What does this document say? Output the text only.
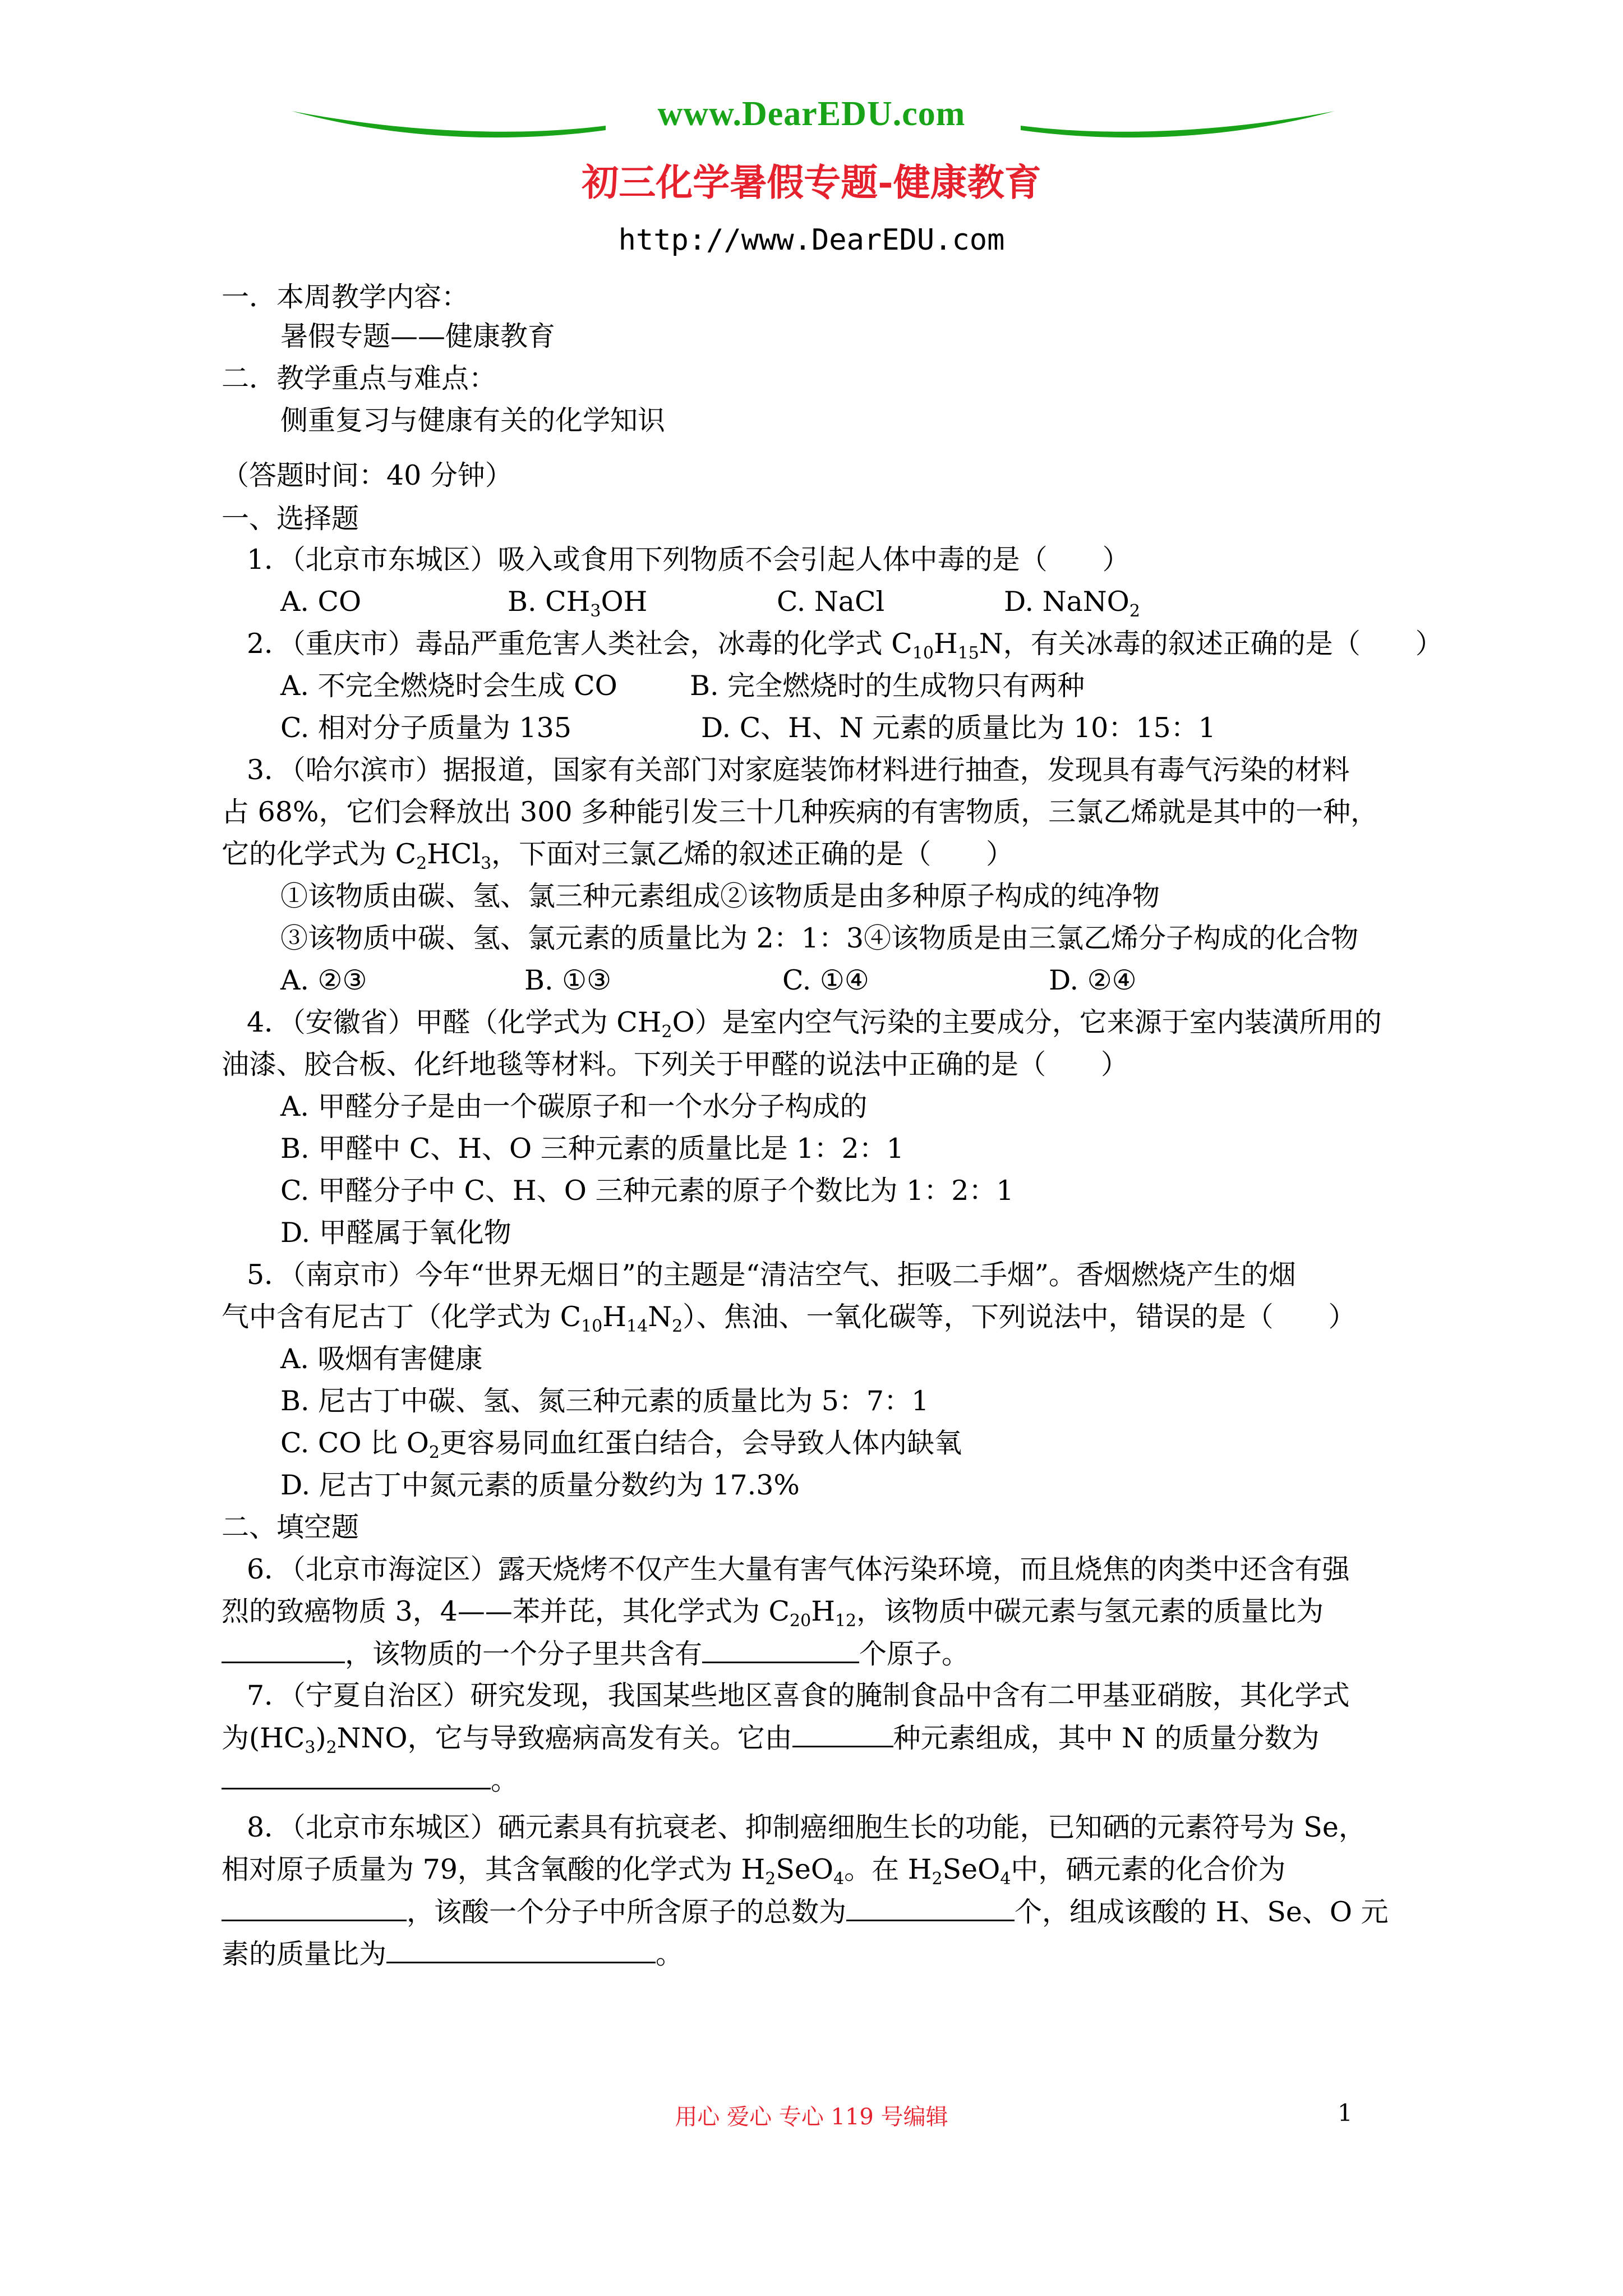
www.DearEDU.com
初三化学暑假专题-健康教育
http://www.DearEDU.com
一．本周教学内容：
暑假专题——健康教育
二．教学重点与难点：
侧重复习与健康有关的化学知识
（答题时间：40 分钟）
一、选择题
1．（北京市东城区）吸入或食用下列物质不会引起人体中毒的是（　　）
A. CO	B. $CH_3OH$	C. NaCl	D. NaNO$_2$
2．（重庆市）毒品严重危害人类社会，冰毒的化学式 $C_{10}H_{15}N$，有关冰毒的叙述正确的是（　　）
A. 不完全燃烧时会生成 CO	B. 完全燃烧时的生成物只有两种
C. 相对分子质量为 135	D. C、H、N 元素的质量比为 10：15：1
3．（哈尔滨市）据报道，国家有关部门对家庭装饰材料进行抽查，发现具有毒气污染的材料
占 68%，它们会释放出 300 多种能引发三十几种疾病的有害物质，三氯乙烯就是其中的一种，
它的化学式为 $C_2HCl_3$，下面对三氯乙烯的叙述正确的是（　　）
①该物质由碳、氢、氯三种元素组成②该物质是由多种原子构成的纯净物
③该物质中碳、氢、氯元素的质量比为 2：1：3④该物质是由三氯乙烯分子构成的化合物
A. ②③	B. ①③	C. ①④	D. ②④
4．（安徽省）甲醛（化学式为 $CH_2O$）是室内空气污染的主要成分，它来源于室内装潢所用的
油漆、胶合板、化纤地毯等材料。下列关于甲醛的说法中正确的是（　　）
A. 甲醛分子是由一个碳原子和一个水分子构成的
B. 甲醛中 C、H、O 三种元素的质量比是 1：2：1
C. 甲醛分子中 C、H、O 三种元素的原子个数比为 1：2：1
D. 甲醛属于氧化物
5．（南京市）今年“世界无烟日”的主题是“清洁空气、拒吸二手烟”。香烟燃烧产生的烟
气中含有尼古丁（化学式为 $C_{10}H_{14}N_2$）、焦油、一氧化碳等，下列说法中，错误的是（　　）
A. 吸烟有害健康
B. 尼古丁中碳、氢、氮三种元素的质量比为 5：7：1
C. CO 比 $O_2$更容易同血红蛋白结合，会导致人体内缺氧
D. 尼古丁中氮元素的质量分数约为 17.3%
二、填空题
6．（北京市海淀区）露天烧烤不仅产生大量有害气体污染环境，而且烧焦的肉类中还含有强
烈的致癌物质 3，4——苯并芘，其化学式为 $C_{20}H_{12}$，该物质中碳元素与氢元素的质量比为
，该物质的一个分子里共含有	个原子。
7．（宁夏自治区）研究发现，我国某些地区喜食的腌制食品中含有二甲基亚硝胺，其化学式
为$(HC_3)_2NNO$，它与导致癌病高发有关。它由	种元素组成，其中 N 的质量分数为
。
8．（北京市东城区）硒元素具有抗衰老、抑制癌细胞生长的功能，已知硒的元素符号为 Se，
相对原子质量为 79，其含氧酸的化学式为 $H_2SeO_4$。在 $H_2SeO_4$中，硒元素的化合价为
，该酸一个分子中所含原子的总数为	个，组成该酸的 H、Se、O 元
素的质量比为	。
用心 爱心 专心 119 号编辑	1
